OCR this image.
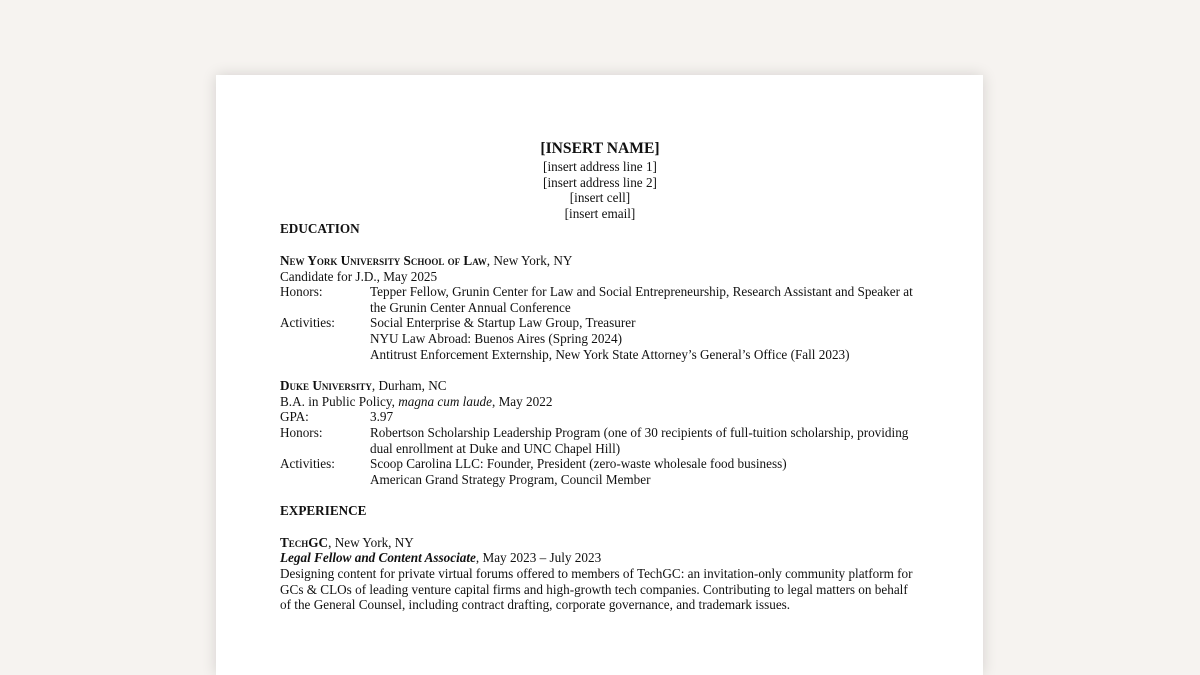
[INSERT NAME]
[insert address line 1]
[insert address line 2]
[insert cell]
[insert email]
EDUCATION
New York University School of Law, New York, NY
Candidate for J.D., May 2025
Honors:	Tepper Fellow, Grunin Center for Law and Social Entrepreneurship, Research Assistant and Speaker at the Grunin Center Annual Conference
Activities:	Social Enterprise & Startup Law Group, Treasurer
NYU Law Abroad: Buenos Aires (Spring 2024)
Antitrust Enforcement Externship, New York State Attorney’s General’s Office (Fall 2023)
Duke University, Durham, NC
B.A. in Public Policy, magna cum laude, May 2022
GPA:	3.97
Honors:	Robertson Scholarship Leadership Program (one of 30 recipients of full-tuition scholarship, providing dual enrollment at Duke and UNC Chapel Hill)
Activities:	Scoop Carolina LLC: Founder, President (zero-waste wholesale food business)
American Grand Strategy Program, Council Member
EXPERIENCE
TechGC, New York, NY
Legal Fellow and Content Associate, May 2023 – July 2023
Designing content for private virtual forums offered to members of TechGC: an invitation-only community platform for GCs & CLOs of leading venture capital firms and high-growth tech companies. Contributing to legal matters on behalf of the General Counsel, including contract drafting, corporate governance, and trademark issues.
